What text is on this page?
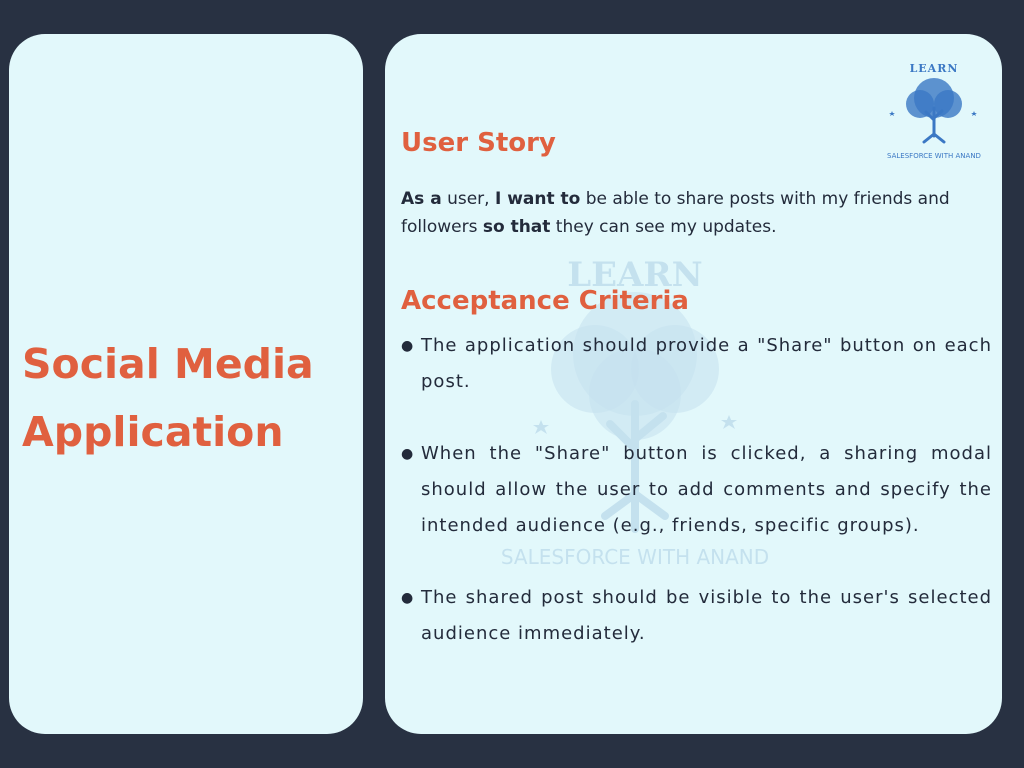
Social Media Application
LEARN
SALESFORCE WITH ANAND
LEARN
SALESFORCE WITH ANAND
User Story

As a user, I want to be able to share posts with my friends and followers so that they can see my updates.

Acceptance Criteria
● The application should provide a "Share" button on each post.
● When the "Share" button is clicked, a sharing modal should allow the user to add comments and specify the intended audience (e.g., friends, specific groups).
● The shared post should be visible to the user's selected audience immediately.
